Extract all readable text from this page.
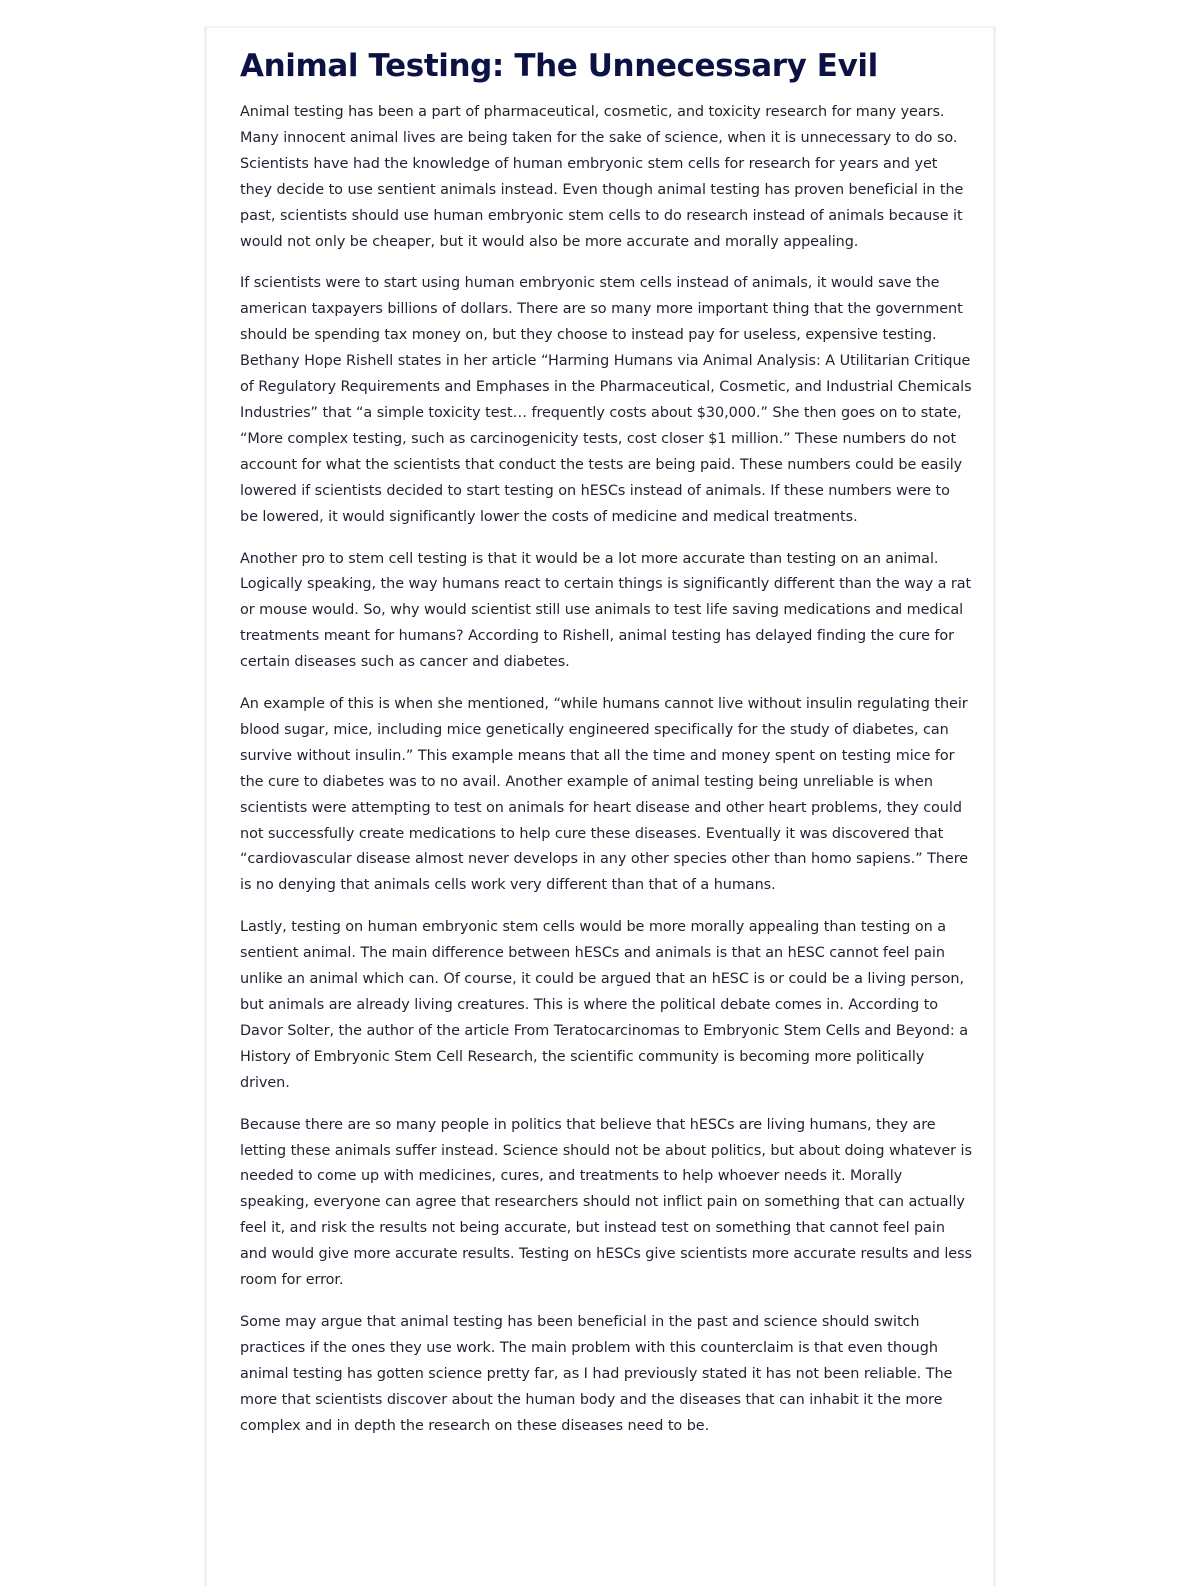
Animal Testing: The Unnecessary Evil

Animal testing has been a part of pharmaceutical, cosmetic, and toxicity research for many years. Many innocent animal lives are being taken for the sake of science, when it is unnecessary to do so. Scientists have had the knowledge of human embryonic stem cells for research for years and yet they decide to use sentient animals instead. Even though animal testing has proven beneficial in the past, scientists should use human embryonic stem cells to do research instead of animals because it would not only be cheaper, but it would also be more accurate and morally appealing.

If scientists were to start using human embryonic stem cells instead of animals, it would save the american taxpayers billions of dollars. There are so many more important thing that the government should be spending tax money on, but they choose to instead pay for useless, expensive testing. Bethany Hope Rishell states in her article “Harming Humans via Animal Analysis: A Utilitarian Critique of Regulatory Requirements and Emphases in the Pharmaceutical, Cosmetic, and Industrial Chemicals Industries” that “a simple toxicity test… frequently costs about $30,000.” She then goes on to state, “More complex testing, such as carcinogenicity tests, cost closer $1 million.” These numbers do not account for what the scientists that conduct the tests are being paid. These numbers could be easily lowered if scientists decided to start testing on hESCs instead of animals. If these numbers were to be lowered, it would significantly lower the costs of medicine and medical treatments.

Another pro to stem cell testing is that it would be a lot more accurate than testing on an animal. Logically speaking, the way humans react to certain things is significantly different than the way a rat or mouse would. So, why would scientist still use animals to test life saving medications and medical treatments meant for humans? According to Rishell, animal testing has delayed finding the cure for certain diseases such as cancer and diabetes.

An example of this is when she mentioned, “while humans cannot live without insulin regulating their blood sugar, mice, including mice genetically engineered specifically for the study of diabetes, can survive without insulin.” This example means that all the time and money spent on testing mice for the cure to diabetes was to no avail. Another example of animal testing being unreliable is when scientists were attempting to test on animals for heart disease and other heart problems, they could not successfully create medications to help cure these diseases. Eventually it was discovered that “cardiovascular disease almost never develops in any other species other than homo sapiens.” There is no denying that animals cells work very different than that of a humans.

Lastly, testing on human embryonic stem cells would be more morally appealing than testing on a sentient animal. The main difference between hESCs and animals is that an hESC cannot feel pain unlike an animal which can. Of course, it could be argued that an hESC is or could be a living person, but animals are already living creatures. This is where the political debate comes in. According to Davor Solter, the author of the article From Teratocarcinomas to Embryonic Stem Cells and Beyond: a History of Embryonic Stem Cell Research, the scientific community is becoming more politically driven.

Because there are so many people in politics that believe that hESCs are living humans, they are letting these animals suffer instead. Science should not be about politics, but about doing whatever is needed to come up with medicines, cures, and treatments to help whoever needs it. Morally speaking, everyone can agree that researchers should not inflict pain on something that can actually feel it, and risk the results not being accurate, but instead test on something that cannot feel pain and would give more accurate results. Testing on hESCs give scientists more accurate results and less room for error.

Some may argue that animal testing has been beneficial in the past and science should switch practices if the ones they use work. The main problem with this counterclaim is that even though animal testing has gotten science pretty far, as I had previously stated it has not been reliable. The more that scientists discover about the human body and the diseases that can inhabit it the more complex and in depth the research on these diseases need to be.
